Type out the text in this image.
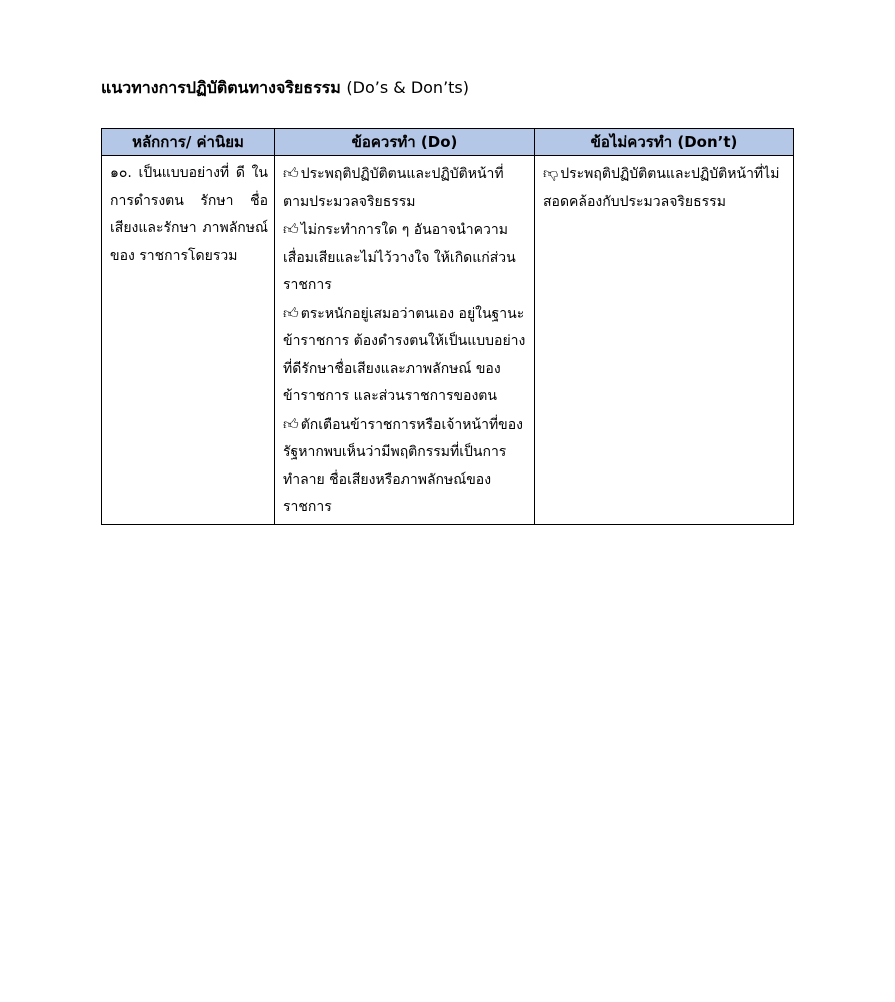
แนวทางการปฏิบัติตนทางจริยธรรม (Do’s & Don’ts)
หลักการ/ ค่านิยม	ข้อควรทำ (Do)	ข้อไม่ควรทำ (Don’t)
๑๐. เป็นแบบอย่างที่ ดี ในการดำรงตน รักษา ชื่อเสียงและรักษา ภาพลักษณ์ ของ ราชการโดยรวม	👍︎ ประพฤติปฏิบัติตนและปฏิบัติหน้าที่ ตามประมวลจริยธรรม
👍︎ ไม่กระทำการใด ๆ อันอาจนำความเสื่อมเสียและไม่ไว้วางใจ ให้เกิดแก่ส่วนราชการ
👍︎ ตระหนักอยู่เสมอว่าตนเอง อยู่ในฐานะ ข้าราชการ ต้องดำรงตนให้เป็นแบบอย่างที่ดีรักษาชื่อเสียงและภาพลักษณ์ ของข้าราชการ และส่วนราชการของตน
👍︎ ตักเตือนข้าราชการหรือเจ้าหน้าที่ของรัฐหากพบเห็นว่ามีพฤติกรรมที่เป็นการทำลาย ชื่อเสียงหรือภาพลักษณ์ของราชการ	👎︎ ประพฤติปฏิบัติตนและปฏิบัติหน้าที่ไม่สอดคล้องกับประมวลจริยธรรม
